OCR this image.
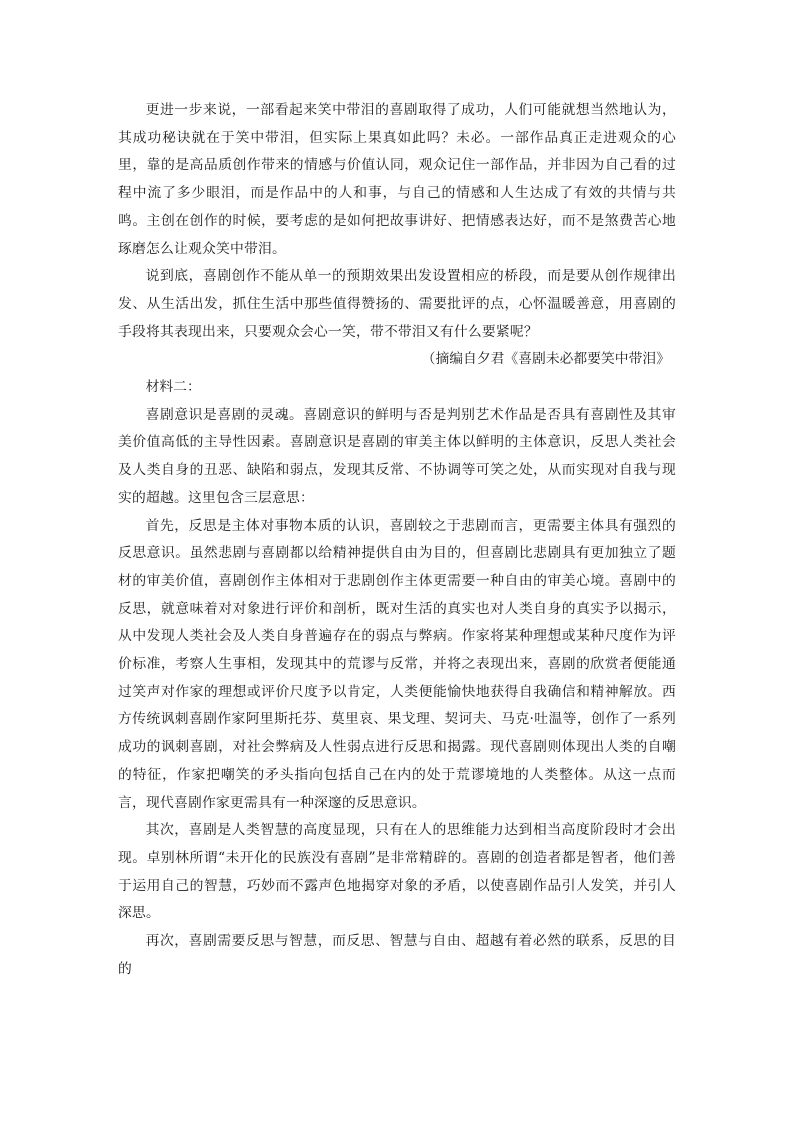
更进一步来说，一部看起来笑中带泪的喜剧取得了成功，人们可能就想当然地认为，其成功秘诀就在于笑中带泪，但实际上果真如此吗？未必。一部作品真正走进观众的心里，靠的是高品质创作带来的情感与价值认同，观众记住一部作品，并非因为自己看的过程中流了多少眼泪，而是作品中的人和事，与自己的情感和人生达成了有效的共情与共鸣。主创在创作的时候，要考虑的是如何把故事讲好、把情感表达好，而不是煞费苦心地琢磨怎么让观众笑中带泪。

说到底，喜剧创作不能从单一的预期效果出发设置相应的桥段，而是要从创作规律出发、从生活出发，抓住生活中那些值得赞扬的、需要批评的点，心怀温暖善意，用喜剧的手段将其表现出来，只要观众会心一笑，带不带泪又有什么要紧呢？

（摘编自夕君《喜剧未必都要笑中带泪》

材料二：

喜剧意识是喜剧的灵魂。喜剧意识的鲜明与否是判别艺术作品是否具有喜剧性及其审美价值高低的主导性因素。喜剧意识是喜剧的审美主体以鲜明的主体意识，反思人类社会及人类自身的丑恶、缺陷和弱点，发现其反常、不协调等可笑之处，从而实现对自我与现实的超越。这里包含三层意思：

首先，反思是主体对事物本质的认识，喜剧较之于悲剧而言，更需要主体具有强烈的反思意识。虽然悲剧与喜剧都以给精神提供自由为目的，但喜剧比悲剧具有更加独立了题材的审美价值，喜剧创作主体相对于悲剧创作主体更需要一种自由的审美心境。喜剧中的反思，就意味着对对象进行评价和剖析，既对生活的真实也对人类自身的真实予以揭示，从中发现人类社会及人类自身普遍存在的弱点与弊病。作家将某种理想或某种尺度作为评价标准，考察人生事相，发现其中的荒谬与反常，并将之表现出来，喜剧的欣赏者便能通过笑声对作家的理想或评价尺度予以肯定，人类便能愉快地获得自我确信和精神解放。西方传统讽刺喜剧作家阿里斯托芬、莫里哀、果戈理、契诃夫、马克·吐温等，创作了一系列成功的讽刺喜剧，对社会弊病及人性弱点进行反思和揭露。现代喜剧则体现出人类的自嘲的特征，作家把嘲笑的矛头指向包括自己在内的处于荒谬境地的人类整体。从这一点而言，现代喜剧作家更需具有一种深邃的反思意识。

其次，喜剧是人类智慧的高度显现，只有在人的思维能力达到相当高度阶段时才会出现。卓别林所谓“未开化的民族没有喜剧”是非常精辟的。喜剧的创造者都是智者，他们善于运用自己的智慧，巧妙而不露声色地揭穿对象的矛盾，以使喜剧作品引人发笑，并引人深思。

再次，喜剧需要反思与智慧，而反思、智慧与自由、超越有着必然的联系，反思的目的
